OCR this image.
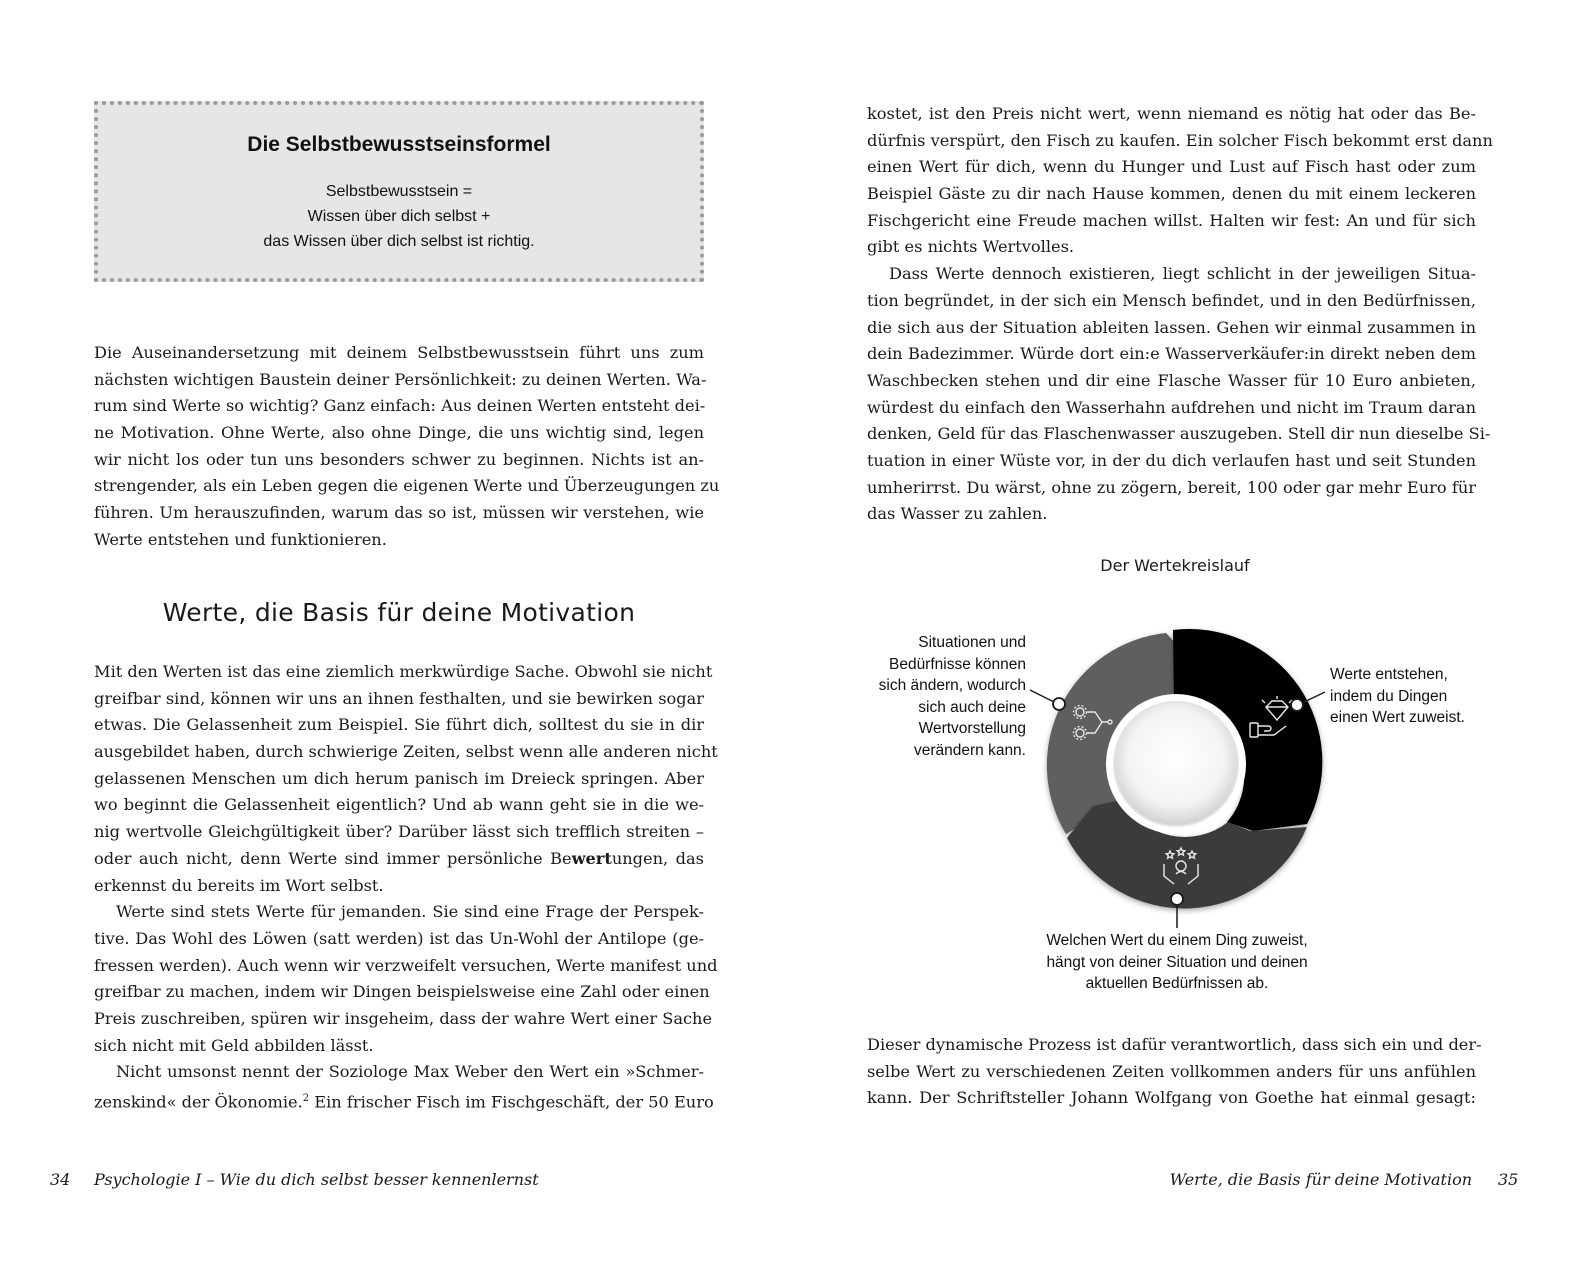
Die Selbstbewusstseinsformel
Selbstbewusstsein =
Wissen über dich selbst +
das Wissen über dich selbst ist richtig.
Die Auseinandersetzung mit deinem Selbstbewusstsein führt uns zum
nächsten wichtigen Baustein deiner Persönlichkeit: zu deinen Werten. Wa-
rum sind Werte so wichtig? Ganz einfach: Aus deinen Werten entsteht dei-
ne Motivation. Ohne Werte, also ohne Dinge, die uns wichtig sind, legen
wir nicht los oder tun uns besonders schwer zu beginnen. Nichts ist an-
strengender, als ein Leben gegen die eigenen Werte und Überzeugungen zu
führen. Um herauszufinden, warum das so ist, müssen wir verstehen, wie
Werte entstehen und funktionieren.
Werte, die Basis für deine Motivation
Mit den Werten ist das eine ziemlich merkwürdige Sache. Obwohl sie nicht
greifbar sind, können wir uns an ihnen festhalten, und sie bewirken sogar
etwas. Die Gelassenheit zum Beispiel. Sie führt dich, solltest du sie in dir
ausgebildet haben, durch schwierige Zeiten, selbst wenn alle anderen nicht
gelassenen Menschen um dich herum panisch im Dreieck springen. Aber
wo beginnt die Gelassenheit eigentlich? Und ab wann geht sie in die we-
nig wertvolle Gleichgültigkeit über? Darüber lässt sich trefflich streiten –
oder auch nicht, denn Werte sind immer persönliche Bewertungen, das
erkennst du bereits im Wort selbst.
Werte sind stets Werte für jemanden. Sie sind eine Frage der Perspek-
tive. Das Wohl des Löwen (satt werden) ist das Un-Wohl der Antilope (ge-
fressen werden). Auch wenn wir verzweifelt versuchen, Werte manifest und
greifbar zu machen, indem wir Dingen beispielsweise eine Zahl oder einen
Preis zuschreiben, spüren wir insgeheim, dass der wahre Wert einer Sache
sich nicht mit Geld abbilden lässt.
Nicht umsonst nennt der Soziologe Max Weber den Wert ein »Schmer-
zenskind« der Ökonomie.$^2$ Ein frischer Fisch im Fischgeschäft, der 50 Euro
34 Psychologie I – Wie du dich selbst besser kennenlernst
kostet, ist den Preis nicht wert, wenn niemand es nötig hat oder das Be-
dürfnis verspürt, den Fisch zu kaufen. Ein solcher Fisch bekommt erst dann
einen Wert für dich, wenn du Hunger und Lust auf Fisch hast oder zum
Beispiel Gäste zu dir nach Hause kommen, denen du mit einem leckeren
Fischgericht eine Freude machen willst. Halten wir fest: An und für sich
gibt es nichts Wertvolles.
Dass Werte dennoch existieren, liegt schlicht in der jeweiligen Situa-
tion begründet, in der sich ein Mensch befindet, und in den Bedürfnissen,
die sich aus der Situation ableiten lassen. Gehen wir einmal zusammen in
dein Badezimmer. Würde dort ein:e Wasserverkäufer:in direkt neben dem
Waschbecken stehen und dir eine Flasche Wasser für 10 Euro anbieten,
würdest du einfach den Wasserhahn aufdrehen und nicht im Traum daran
denken, Geld für das Flaschenwasser auszugeben. Stell dir nun dieselbe Si-
tuation in einer Wüste vor, in der du dich verlaufen hast und seit Stunden
umherirrst. Du wärst, ohne zu zögern, bereit, 100 oder gar mehr Euro für
das Wasser zu zahlen.
Dieser dynamische Prozess ist dafür verantwortlich, dass sich ein und der-
selbe Wert zu verschiedenen Zeiten vollkommen anders für uns anfühlen
kann. Der Schriftsteller Johann Wolfgang von Goethe hat einmal gesagt:
Werte, die Basis für deine Motivation 35
Der Wertekreislauf
Situationen und
Bedürfnisse können
sich ändern, wodurch
sich auch deine
Wertvorstellung
verändern kann.
Werte entstehen,
indem du Dingen
einen Wert zuweist.
Welchen Wert du einem Ding zuweist,
hängt von deiner Situation und deinen
aktuellen Bedürfnissen ab.
